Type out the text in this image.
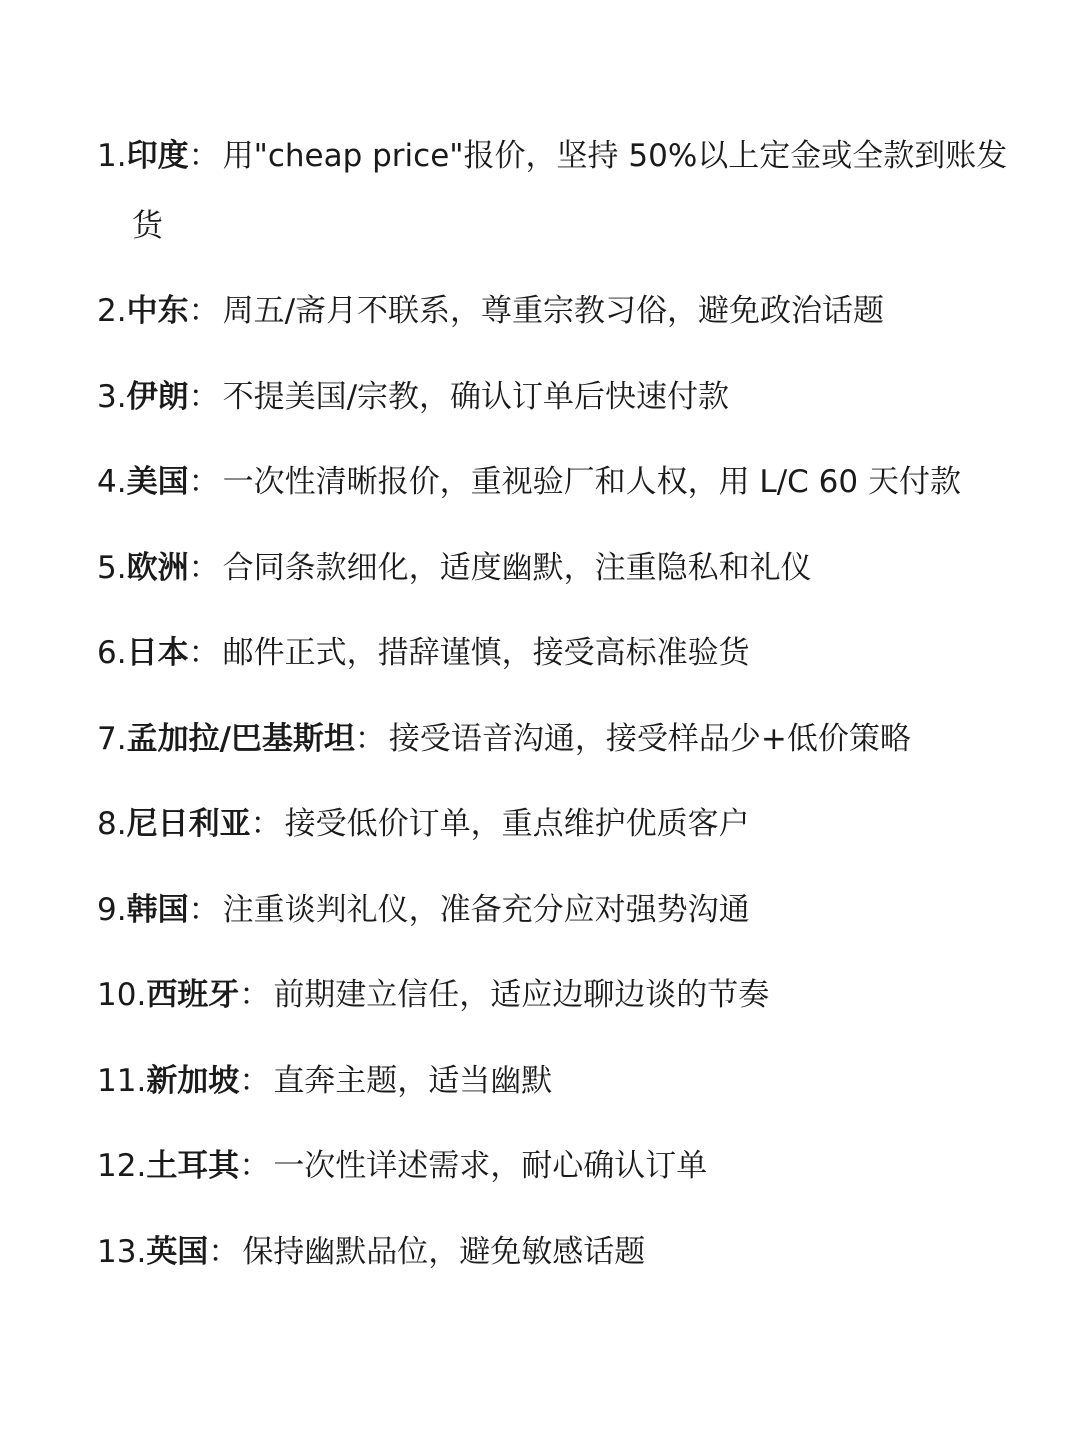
1.印度 ： 用"cheap price"报价，坚持 50%以上定金或全款到账发
货
2.中东 ： 周五/斋月不联系，尊重宗教习俗，避免政治话题
3.伊朗 ： 不提美国/宗教，确认订单后快速付款
4.美国 ： 一次性清晰报价，重视验厂和人权，用 L/C 60 天付款
5.欧洲 ： 合同条款细化，适度幽默，注重隐私和礼仪
6.日本 ： 邮件正式，措辞谨慎，接受高标准验货
7.孟加拉/巴基斯坦 ： 接受语音沟通，接受样品少+低价策略
8.尼日利亚 ： 接受低价订单，重点维护优质客户
9.韩国 ： 注重谈判礼仪，准备充分应对强势沟通
10.西班牙 ： 前期建立信任，适应边聊边谈的节奏
11.新加坡 ： 直奔主题，适当幽默
12.土耳其 ： 一次性详述需求，耐心确认订单
13.英国 ： 保持幽默品位，避免敏感话题
